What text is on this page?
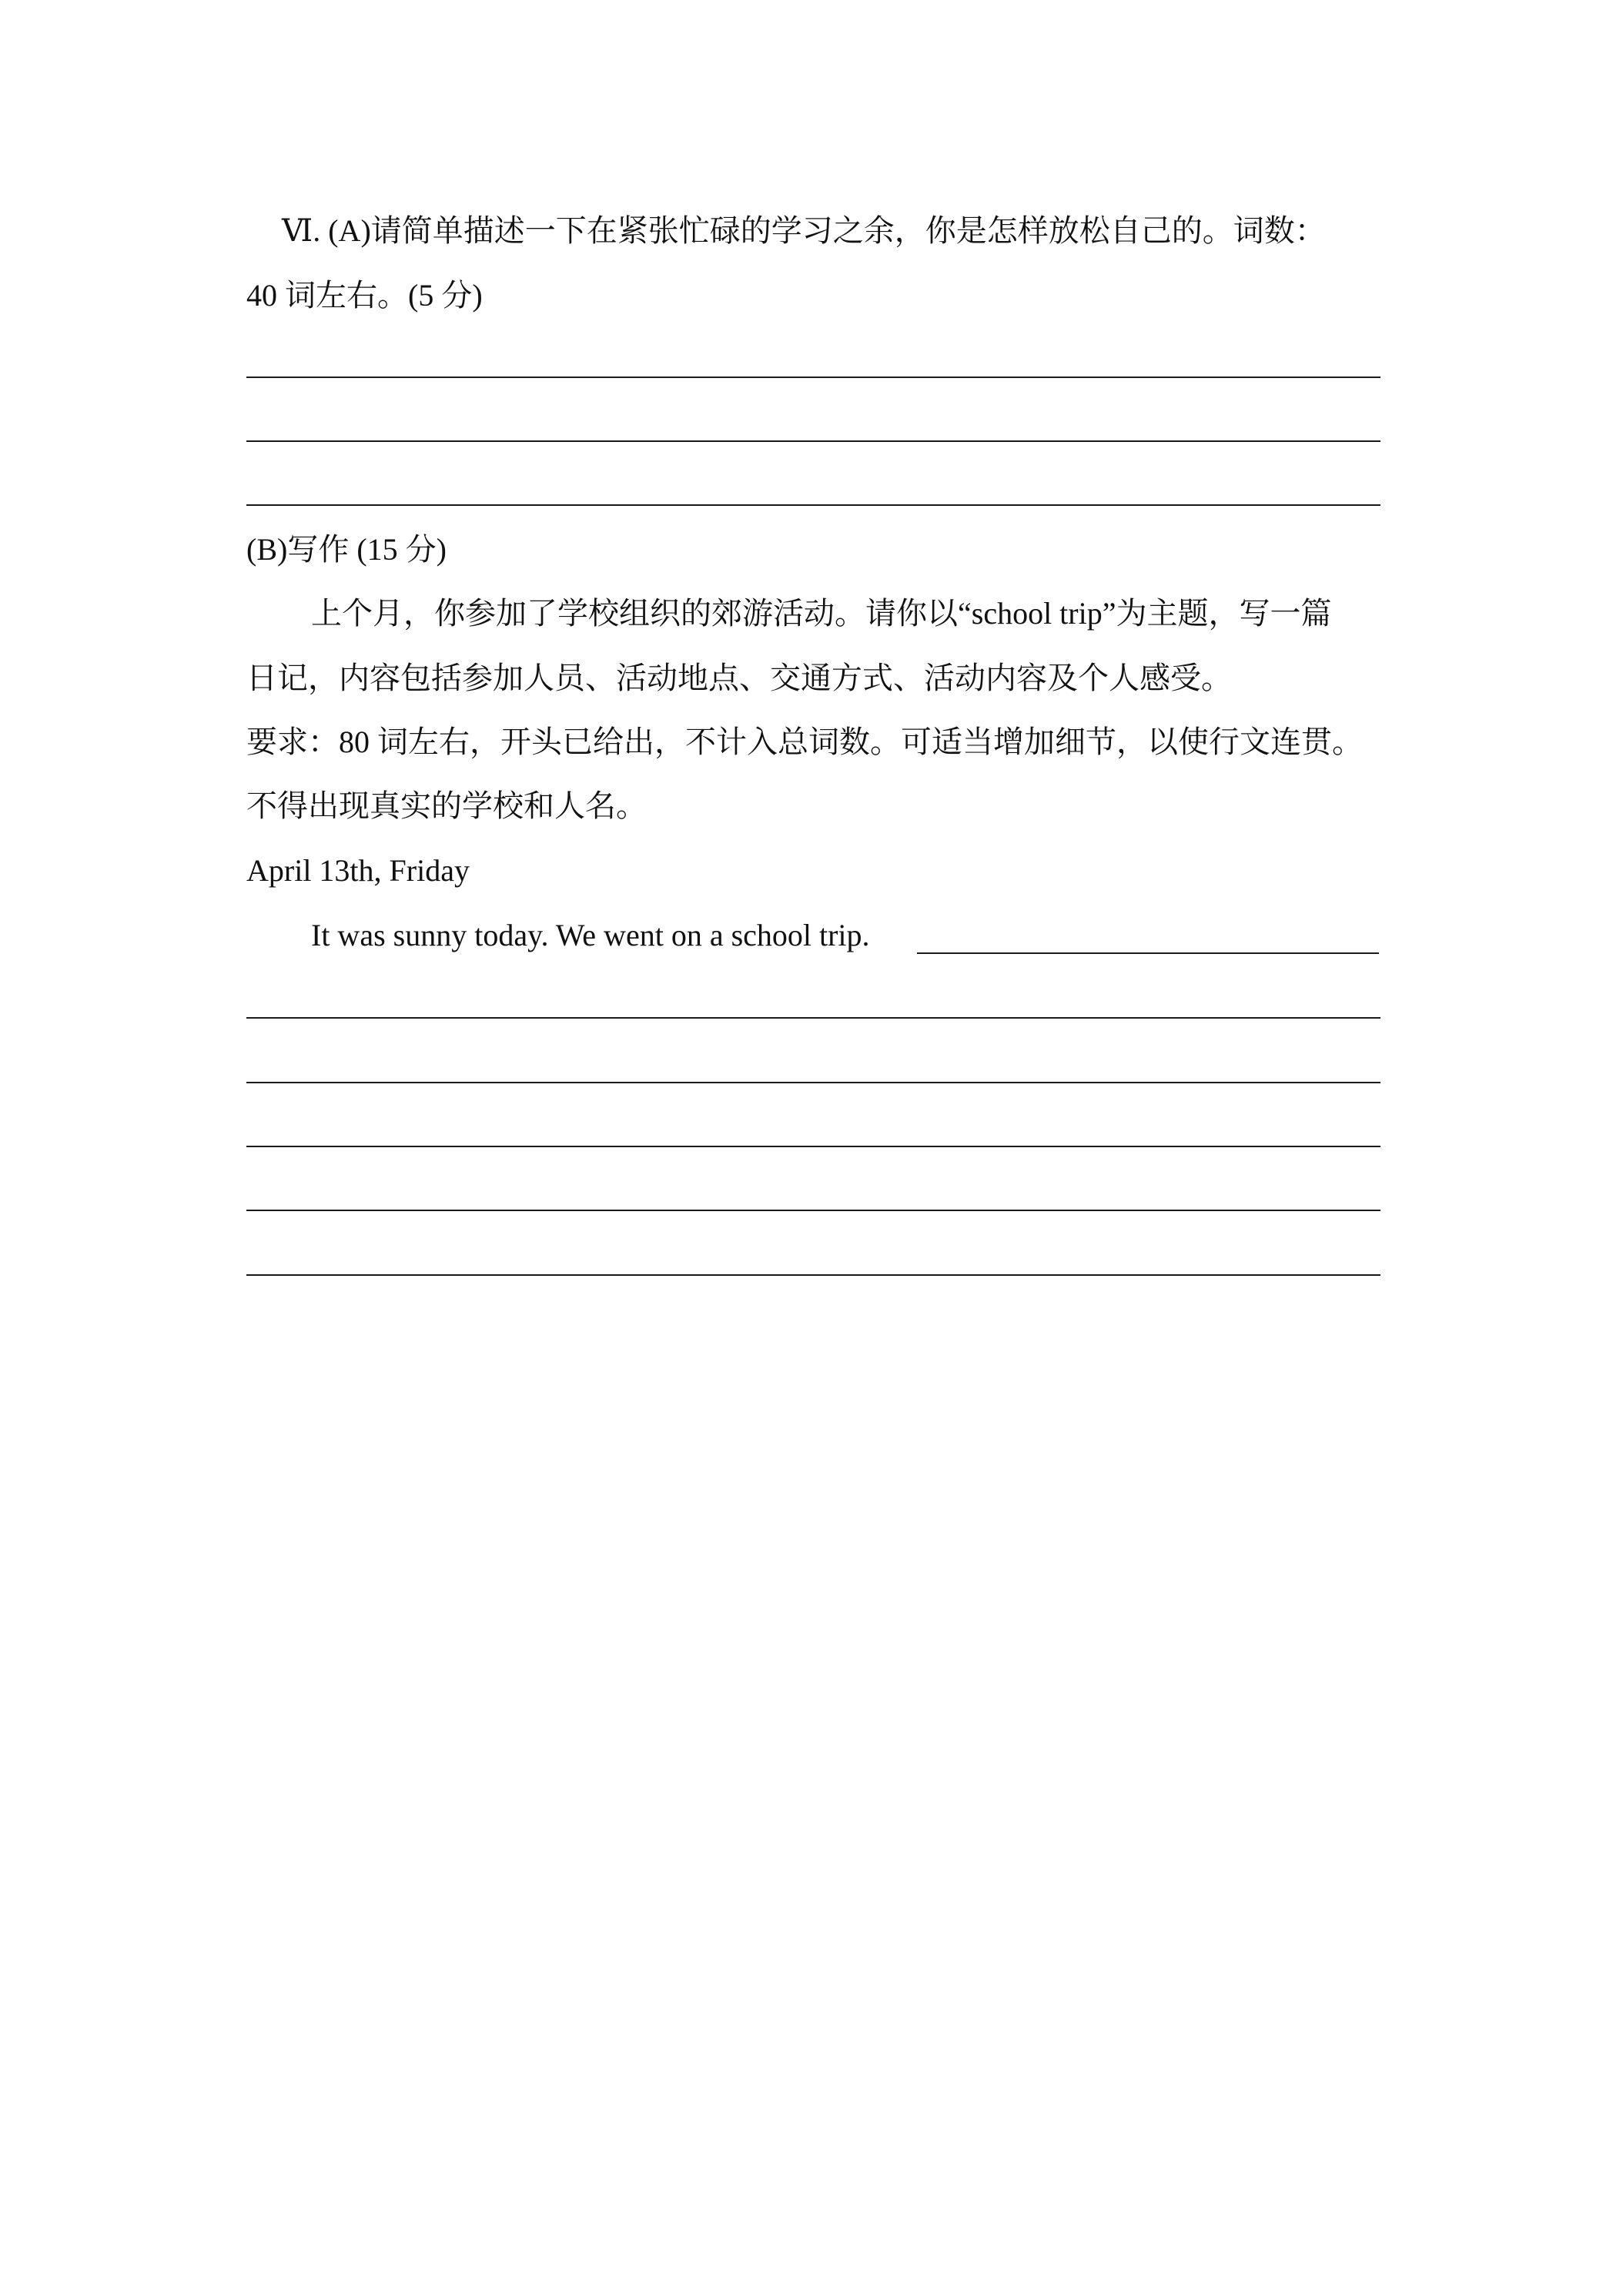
Ⅵ. (A)请简单描述一下在紧张忙碌的学习之余，你是怎样放松自己的。词数：
40 词左右。(5 分)
(B)写作 (15 分)
上个月，你参加了学校组织的郊游活动。请你以“school trip”为主题，写一篇
日记，内容包括参加人员、活动地点、交通方式、活动内容及个人感受。
要求：80 词左右，开头已给出，不计入总词数。可适当增加细节，以使行文连贯。
不得出现真实的学校和人名。
April 13th, Friday
It was sunny today. We went on a school trip.
